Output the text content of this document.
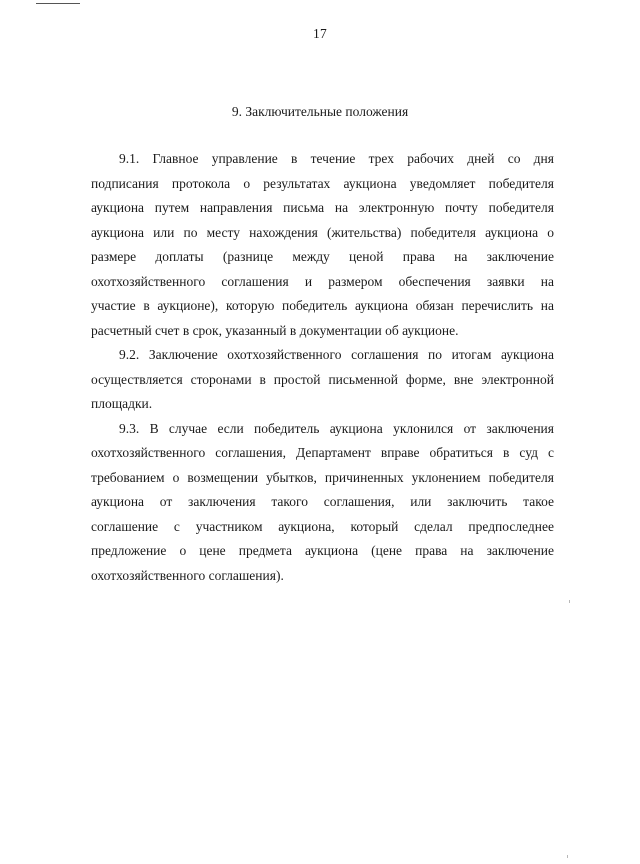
17
9. Заключительные положения
9.1. Главное управление в течение трех рабочих дней со дня
подписания протокола о результатах аукциона уведомляет победителя
аукциона путем направления письма на электронную почту победителя
аукциона или по месту нахождения (жительства) победителя аукциона о
размере доплаты (разнице между ценой права на заключение
охотхозяйственного соглашения и размером обеспечения заявки на
участие в аукционе), которую победитель аукциона обязан перечислить на
расчетный счет в срок, указанный в документации об аукционе.
9.2. Заключение охотхозяйственного соглашения по итогам аукциона
осуществляется сторонами в простой письменной форме, вне электронной
площадки.
9.3. В случае если победитель аукциона уклонился от заключения
охотхозяйственного соглашения, Департамент вправе обратиться в суд с
требованием о возмещении убытков, причиненных уклонением победителя
аукциона от заключения такого соглашения, или заключить такое
соглашение с участником аукциона, который сделал предпоследнее
предложение о цене предмета аукциона (цене права на заключение
охотхозяйственного соглашения).
